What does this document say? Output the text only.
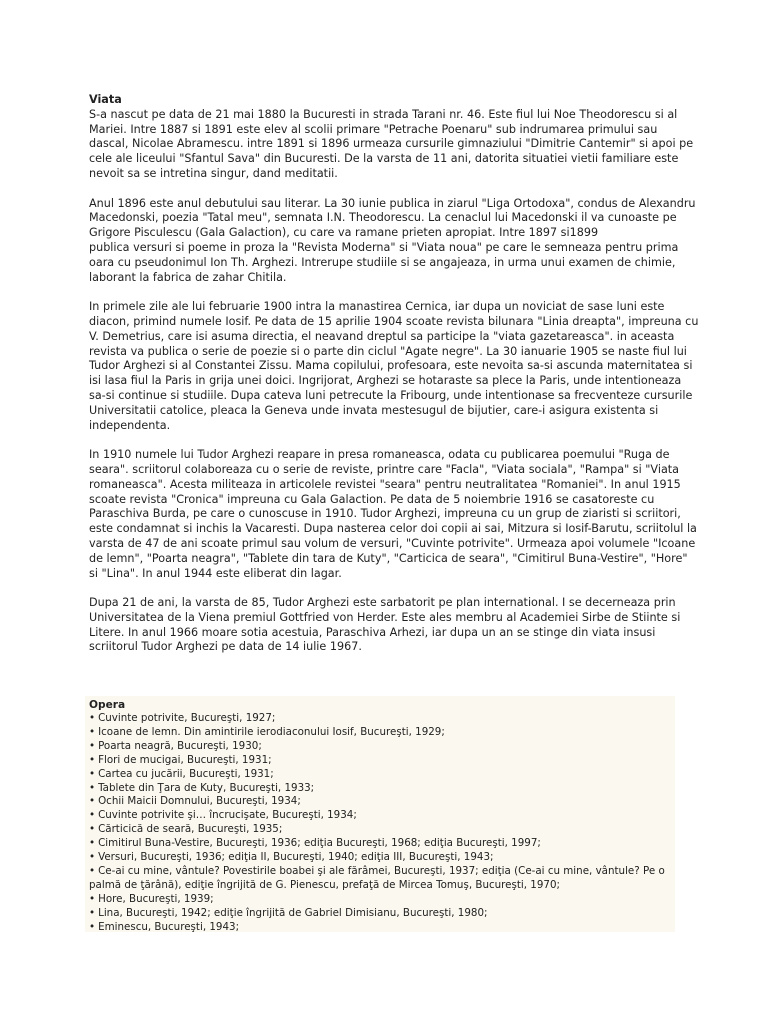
Viata

S-a nascut pe data de 21 mai 1880 la Bucuresti in strada Tarani nr. 46. Este fiul lui Noe Theodorescu si al
Mariei. Intre 1887 si 1891 este elev al scolii primare "Petrache Poenaru" sub indrumarea primului sau
dascal, Nicolae Abramescu. intre 1891 si 1896 urmeaza cursurile gimnaziului "Dimitrie Cantemir" si apoi pe
cele ale liceului "Sfantul Sava" din Bucuresti. De la varsta de 11 ani, datorita situatiei vietii familiare este
nevoit sa se intretina singur, dand meditatii.

Anul 1896 este anul debutului sau literar. La 30 iunie publica in ziarul "Liga Ortodoxa", condus de Alexandru
Macedonski, poezia "Tatal meu", semnata I.N. Theodorescu. La cenaclul lui Macedonski il va cunoaste pe
Grigore Pisculescu (Gala Galaction), cu care va ramane prieten apropiat. Intre 1897 si1899
publica versuri si poeme in proza la "Revista Moderna" si "Viata noua" pe care le semneaza pentru prima
oara cu pseudonimul Ion Th. Arghezi. Intrerupe studiile si se angajeaza, in urma unui examen de chimie,
laborant la fabrica de zahar Chitila.

In primele zile ale lui februarie 1900 intra la manastirea Cernica, iar dupa un noviciat de sase luni este
diacon, primind numele Iosif. Pe data de 15 aprilie 1904 scoate revista bilunara "Linia dreapta", impreuna cu
V. Demetrius, care isi asuma directia, el neavand dreptul sa participe la "viata gazetareasca". in aceasta
revista va publica o serie de poezie si o parte din ciclul "Agate negre". La 30 ianuarie 1905 se naste fiul lui
Tudor Arghezi si al Constantei Zissu. Mama copilului, profesoara, este nevoita sa-si ascunda maternitatea si
isi lasa fiul la Paris in grija unei doici. Ingrijorat, Arghezi se hotaraste sa plece la Paris, unde intentioneaza
sa-si continue si studiile. Dupa cateva luni petrecute la Fribourg, unde intentionase sa frecventeze cursurile
Universitatii catolice, pleaca la Geneva unde invata mestesugul de bijutier, care-i asigura existenta si
independenta.

In 1910 numele lui Tudor Arghezi reapare in presa romaneasca, odata cu publicarea poemului "Ruga de
seara". scriitorul colaboreaza cu o serie de reviste, printre care "Facla", "Viata sociala", "Rampa" si "Viata
romaneasca". Acesta militeaza in articolele revistei "seara" pentru neutralitatea "Romaniei". In anul 1915
scoate revista "Cronica" impreuna cu Gala Galaction. Pe data de 5 noiembrie 1916 se casatoreste cu
Paraschiva Burda, pe care o cunoscuse in 1910. Tudor Arghezi, impreuna cu un grup de ziaristi si scriitori,
este condamnat si inchis la Vacaresti. Dupa nasterea celor doi copii ai sai, Mitzura si Iosif-Barutu, scriitolul la
varsta de 47 de ani scoate primul sau volum de versuri, "Cuvinte potrivite". Urmeaza apoi volumele "Icoane
de lemn", "Poarta neagra", "Tablete din tara de Kuty", "Carticica de seara", "Cimitirul Buna-Vestire", "Hore"
si "Lina". In anul 1944 este eliberat din lagar.

Dupa 21 de ani, la varsta de 85, Tudor Arghezi este sarbatorit pe plan international. I se decerneaza prin
Universitatea de la Viena premiul Gottfried von Herder. Este ales membru al Academiei Sirbe de Stiinte si
Litere. In anul 1966 moare sotia acestuia, Paraschiva Arhezi, iar dupa un an se stinge din viata insusi
scriitorul Tudor Arghezi pe data de 14 iulie 1967.

Opera
• Cuvinte potrivite, Bucureşti, 1927;
• Icoane de lemn. Din amintirile ierodiaconului Iosif, Bucureşti, 1929;
• Poarta neagră, Bucureşti, 1930;
• Flori de mucigai, Bucureşti, 1931;
• Cartea cu jucării, Bucureşti, 1931;
• Tablete din Ţara de Kuty, Bucureşti, 1933;
• Ochii Maicii Domnului, Bucureşti, 1934;
• Cuvinte potrivite şi… încrucişate, Bucureşti, 1934;
• Cărticică de seară, Bucureşti, 1935;
• Cimitirul Buna-Vestire, Bucureşti, 1936; ediţia Bucureşti, 1968; ediţia Bucureşti, 1997;
• Versuri, Bucureşti, 1936; ediţia II, Bucureşti, 1940; ediţia III, Bucureşti, 1943;
• Ce-ai cu mine, vântule? Povestirile boabei şi ale fărâmei, Bucureşti, 1937; ediţia (Ce-ai cu mine, vântule? Pe o palmă de ţărână), ediţie îngrijită de G. Pienescu, prefaţă de Mircea Tomuş, Bucureşti, 1970;
• Hore, Bucureşti, 1939;
• Lina, Bucureşti, 1942; ediţie îngrijită de Gabriel Dimisianu, Bucureşti, 1980;
• Eminescu, Bucureşti, 1943;
